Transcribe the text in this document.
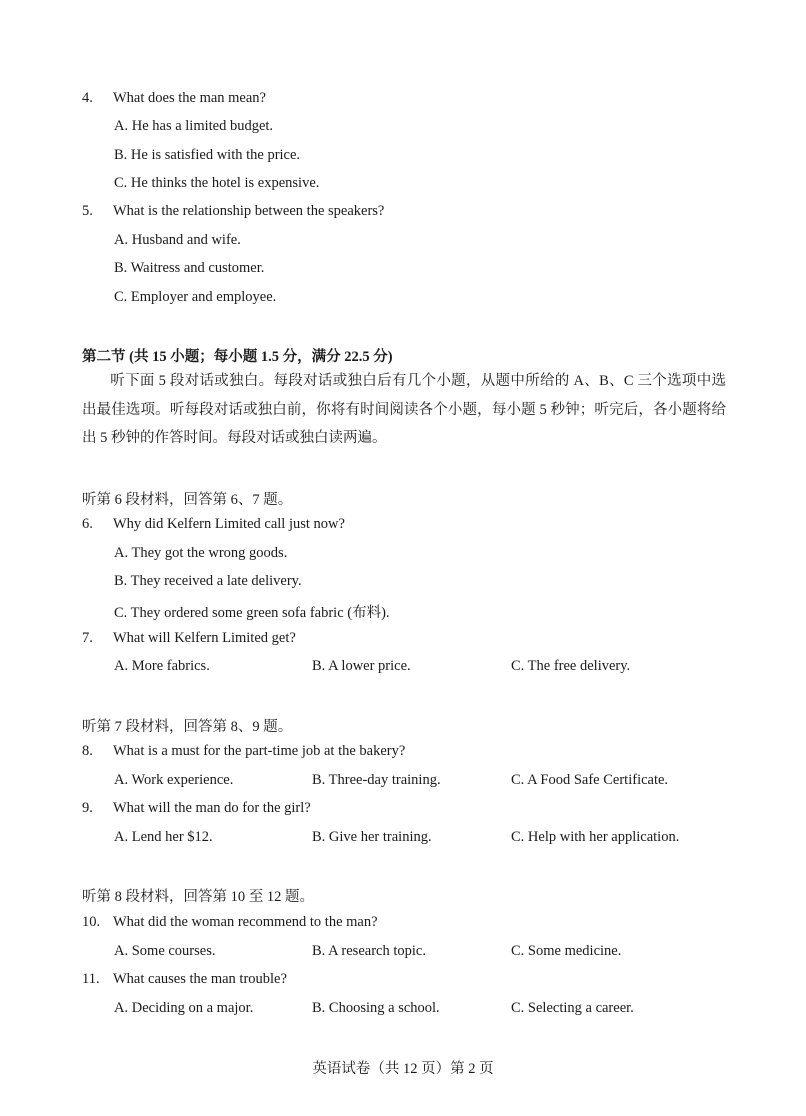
4. What does the man mean?
A. He has a limited budget.
B. He is satisfied with the price.
C. He thinks the hotel is expensive.
5. What is the relationship between the speakers?
A. Husband and wife.
B. Waitress and customer.
C. Employer and employee.
第二节 (共 15 小题；每小题 1.5 分，满分 22.5 分)
听下面 5 段对话或独白。每段对话或独白后有几个小题，从题中所给的 A、B、C 三个选项中选出最佳选项。听每段对话或独白前，你将有时间阅读各个小题，每小题 5 秒钟；听完后，各小题将给出 5 秒钟的作答时间。每段对话或独白读两遍。
听第 6 段材料，回答第 6、7 题。
6. Why did Kelfern Limited call just now?
A. They got the wrong goods.
B. They received a late delivery.
C. They ordered some green sofa fabric (布料).
7. What will Kelfern Limited get?
A. More fabrics.	B. A lower price.	C. The free delivery.
听第 7 段材料，回答第 8、9 题。
8. What is a must for the part-time job at the bakery?
A. Work experience.	B. Three-day training.	C. A Food Safe Certificate.
9. What will the man do for the girl?
A. Lend her $12.	B. Give her training.	C. Help with her application.
听第 8 段材料，回答第 10 至 12 题。
10. What did the woman recommend to the man?
A. Some courses.	B. A research topic.	C. Some medicine.
11. What causes the man trouble?
A. Deciding on a major.	B. Choosing a school.	C. Selecting a career.
英语试卷（共 12 页）第 2 页
